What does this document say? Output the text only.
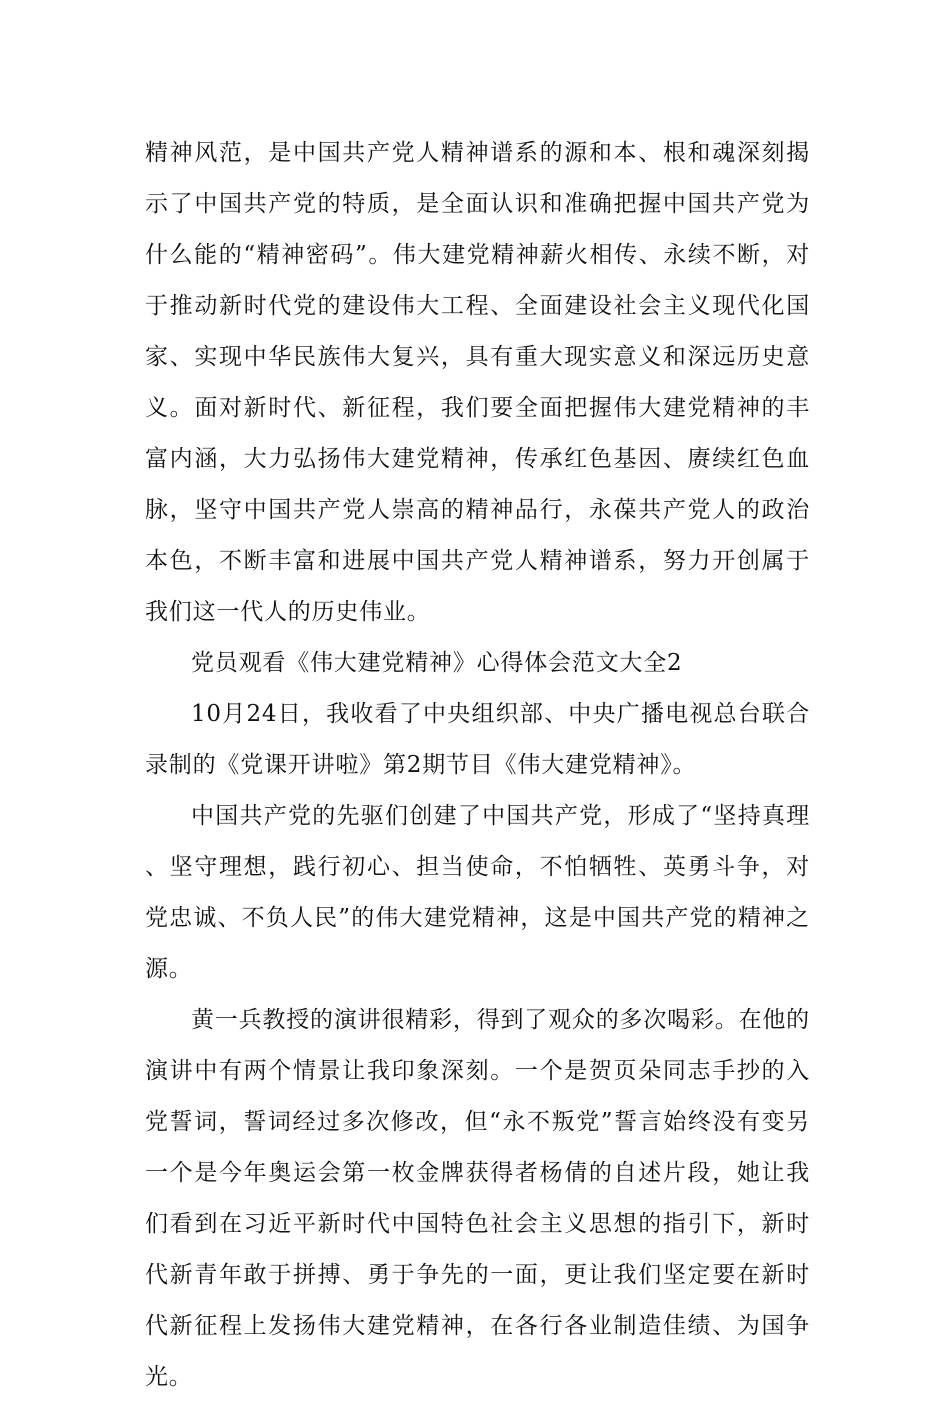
精神风范，是中国共产党人精神谱系的源和本、根和魂深刻揭示了中国共产党的特质，是全面认识和准确把握中国共产党为什么能的“精神密码”。伟大建党精神薪火相传、永续不断，对于推动新时代党的建设伟大工程、全面建设社会主义现代化国家、实现中华民族伟大复兴，具有重大现实意义和深远历史意义。面对新时代、新征程，我们要全面把握伟大建党精神的丰富内涵，大力弘扬伟大建党精神，传承红色基因、赓续红色血脉，坚守中国共产党人崇高的精神品行，永葆共产党人的政治本色，不断丰富和进展中国共产党人精神谱系，努力开创属于我们这一代人的历史伟业。

党员观看《伟大建党精神》心得体会范文大全2

10月24日，我收看了中央组织部、中央广播电视总台联合录制的《党课开讲啦》第2期节目《伟大建党精神》。

中国共产党的先驱们创建了中国共产党，形成了“坚持真理、坚守理想，践行初心、担当使命，不怕牺牲、英勇斗争，对党忠诚、不负人民”的伟大建党精神，这是中国共产党的精神之源。

黄一兵教授的演讲很精彩，得到了观众的多次喝彩。在他的演讲中有两个情景让我印象深刻。一个是贺页朵同志手抄的入党誓词，誓词经过多次修改，但“永不叛党”誓言始终没有变另一个是今年奥运会第一枚金牌获得者杨倩的自述片段，她让我们看到在习近平新时代中国特色社会主义思想的指引下，新时代新青年敢于拼搏、勇于争先的一面，更让我们坚定要在新时代新征程上发扬伟大建党精神，在各行各业制造佳绩、为国争光。
